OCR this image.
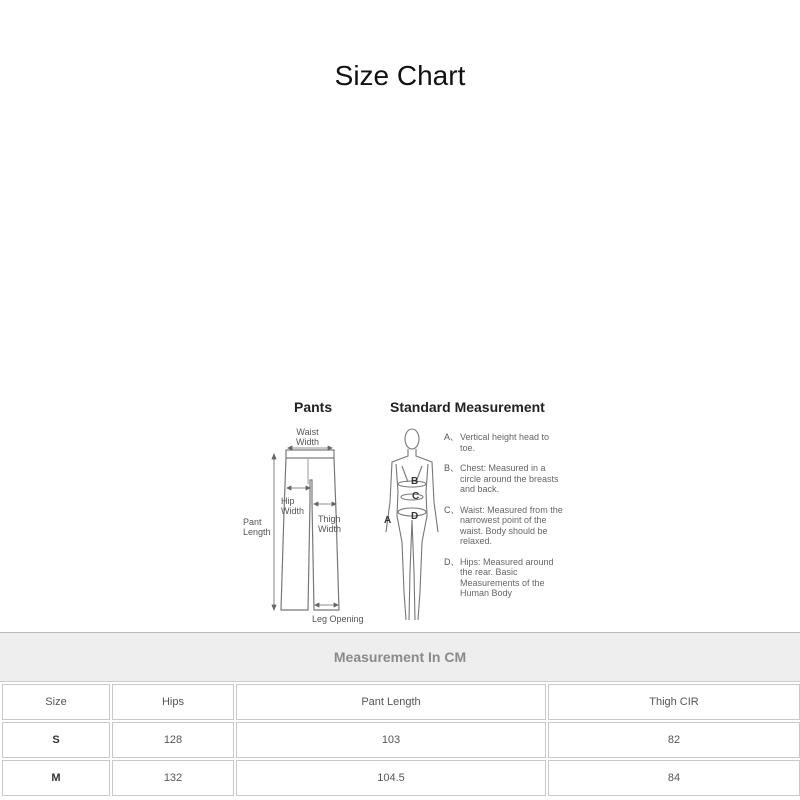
Size Chart
Pants	Standard Measurement
Waist
Width
Hip
Width
Thigh
Width
Pant
Length
Leg Opening
A
B
C
D
A、 Vertical height head to toe.
B、 Chest: Measured in a circle around the breasts and back.
C、 Waist: Measured from the narrowest point of the waist. Body should be relaxed.
D、 Hips: Measured around the rear. Basic Measurements of the Human Body
Measurement In CM
Size	Hips	Pant Length	Thigh CIR
S	128	103	82
M	132	104.5	84
